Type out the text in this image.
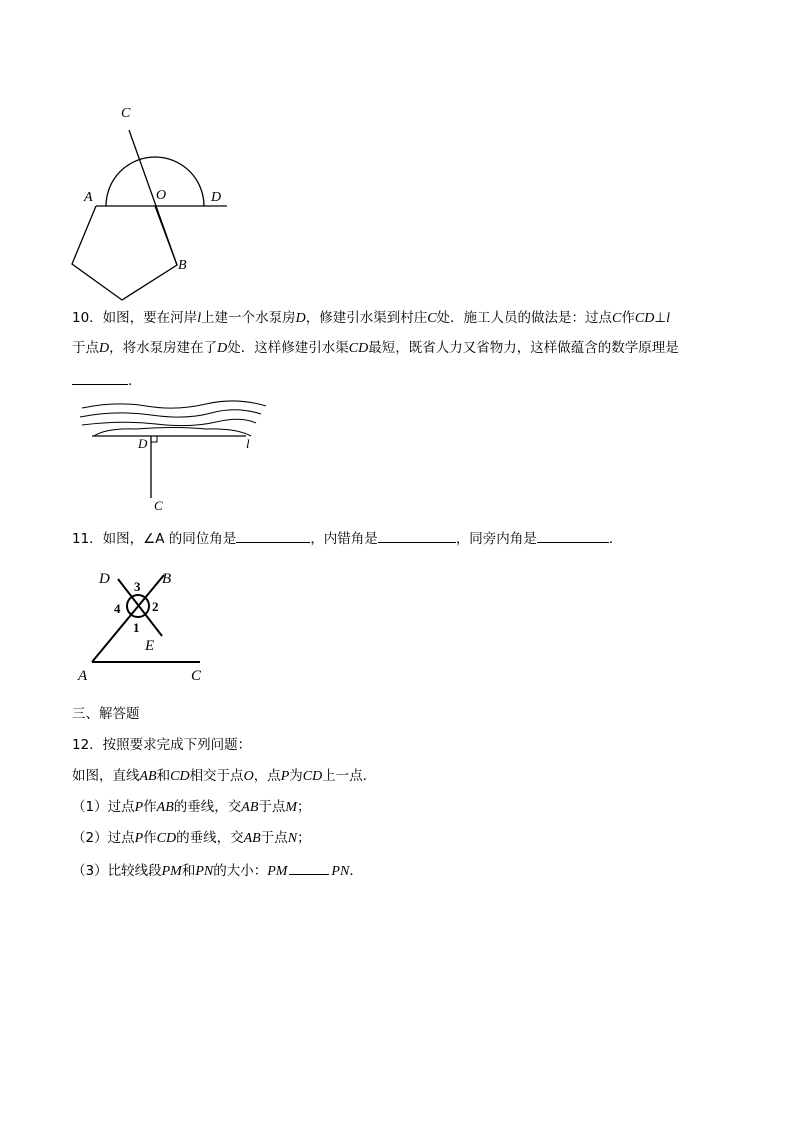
C
A	O	D
B
10．如图，要在河岸l上建一个水泵房D，修建引水渠到村庄C处．施工人员的做法是：过点C作CD⊥l
于点D，将水泵房建在了D处．这样修建引水渠CD最短，既省人力又省物力，这样做蕴含的数学原理是
．
D	l
C
11．如图，∠A 的同位角是	，内错角是	，同旁内角是	．
D	B
3
4 2
1
E
A	C
三、解答题
12．按照要求完成下列问题：
如图，直线AB和CD相交于点O，点P为CD上一点．
（1）过点P作AB的垂线，交AB于点M；
（2）过点P作CD的垂线，交AB于点N；
（3）比较线段PM和PN的大小：PM	PN．
